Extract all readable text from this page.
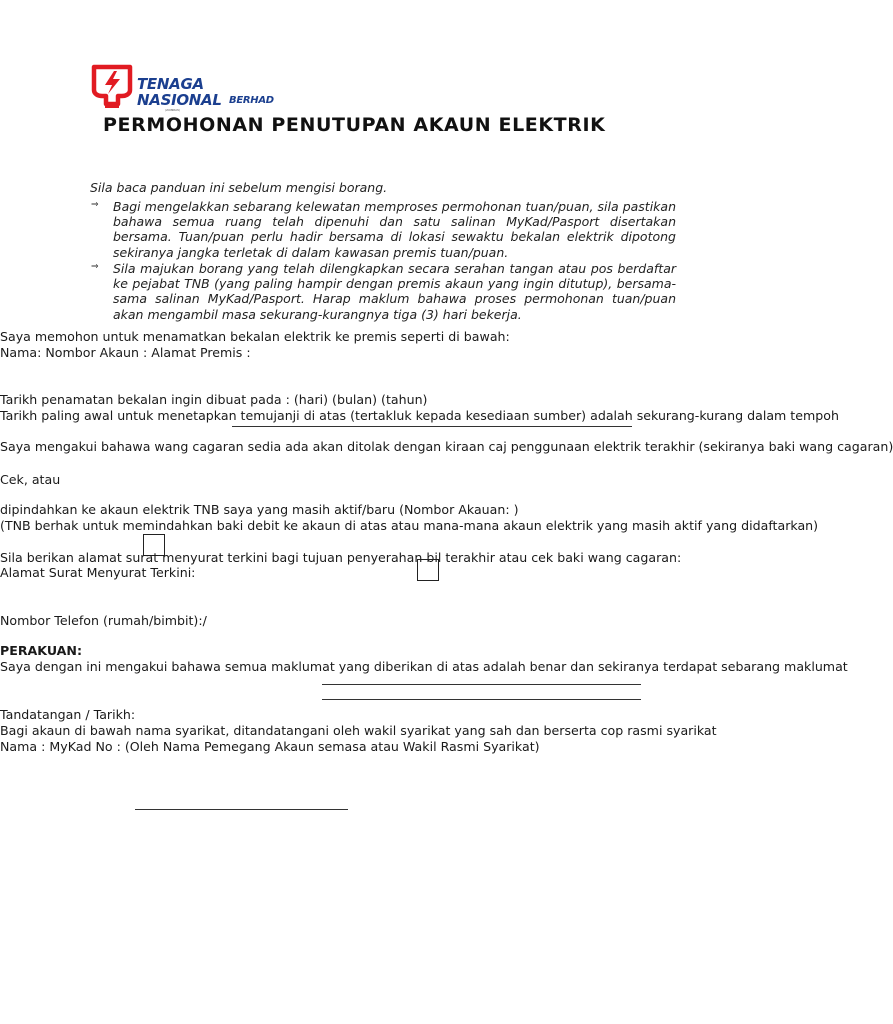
TENAGA
NASIONAL BERHAD
(200866-W)
PERMOHONAN PENUTUPAN AKAUN ELEKTRIK
Sila baca panduan ini sebelum mengisi borang.
⇒ Bagi mengelakkan sebarang kelewatan memproses permohonan tuan/puan, sila pastikan bahawa semua ruang telah dipenuhi dan satu salinan MyKad/Pasport disertakan bersama. Tuan/puan perlu hadir bersama di lokasi sewaktu bekalan elektrik dipotong sekiranya jangka terletak di dalam kawasan premis tuan/puan.
⇒ Sila majukan borang yang telah dilengkapkan secara serahan tangan atau pos berdaftar ke pejabat TNB (yang paling hampir dengan premis akaun yang ingin ditutup), bersama-sama salinan MyKad/Pasport. Harap maklum bahawa proses permohonan tuan/puan akan mengambil masa sekurang-kurangnya tiga (3) hari bekerja.
Saya memohon untuk menamatkan bekalan elektrik ke premis seperti di bawah:
Nama: Nombor Akaun : Alamat Premis :
Tarikh penamatan bekalan ingin dibuat pada : (hari) (bulan) (tahun)
Tarikh paling awal untuk menetapkan temujanji di atas (tertakluk kepada kesediaan sumber) adalah sekurang-kurang dalam tempoh
Saya mengakui bahawa wang cagaran sedia ada akan ditolak dengan kiraan caj penggunaan elektrik terakhir (sekiranya baki wang cagaran)
Cek, atau
dipindahkan ke akaun elektrik TNB saya yang masih aktif/baru (Nombor Akauan: )
(TNB berhak untuk memindahkan baki debit ke akaun di atas atau mana-mana akaun elektrik yang masih aktif yang didaftarkan)
Sila berikan alamat surat menyurat terkini bagi tujuan penyerahan bil terakhir atau cek baki wang cagaran:
Alamat Surat Menyurat Terkini:
Nombor Telefon (rumah/bimbit):/
PERAKUAN:
Saya dengan ini mengakui bahawa semua maklumat yang diberikan di atas adalah benar dan sekiranya terdapat sebarang maklumat
Tandatangan / Tarikh:
Bagi akaun di bawah nama syarikat, ditandatangani oleh wakil syarikat yang sah dan berserta cop rasmi syarikat
Nama : MyKad No : (Oleh Nama Pemegang Akaun semasa atau Wakil Rasmi Syarikat)
